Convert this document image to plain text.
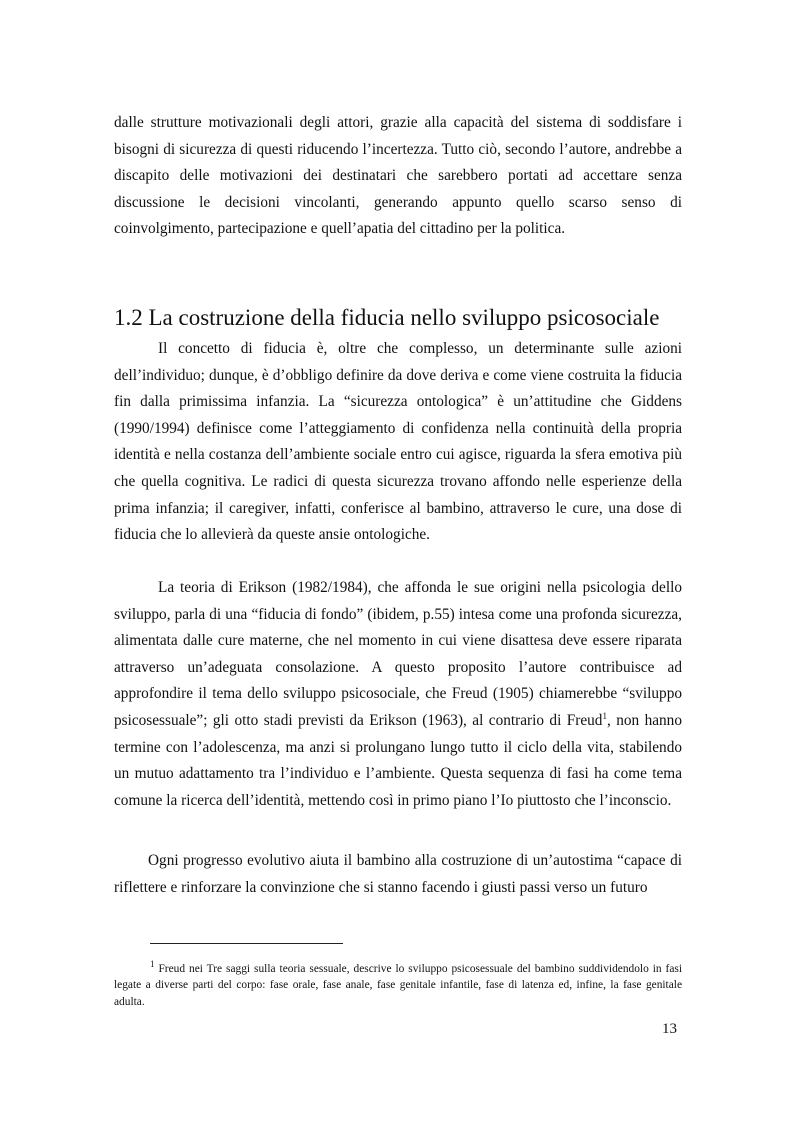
dalle strutture motivazionali degli attori, grazie alla capacità del sistema di soddisfare i bisogni di sicurezza di questi riducendo l’incertezza. Tutto ciò, secondo l’autore, andrebbe a discapito delle motivazioni dei destinatari che sarebbero portati ad accettare senza discussione le decisioni vincolanti, generando appunto quello scarso senso di coinvolgimento, partecipazione e quell’apatia del cittadino per la politica.

1.2 La costruzione della fiducia nello sviluppo psicosociale

Il concetto di fiducia è, oltre che complesso, un determinante sulle azioni dell’individuo; dunque, è d’obbligo definire da dove deriva e come viene costruita la fiducia fin dalla primissima infanzia. La “sicurezza ontologica” è un’attitudine che Giddens (1990/1994) definisce come l’atteggiamento di confidenza nella continuità della propria identità e nella costanza dell’ambiente sociale entro cui agisce, riguarda la sfera emotiva più che quella cognitiva. Le radici di questa sicurezza trovano affondo nelle esperienze della prima infanzia; il caregiver, infatti, conferisce al bambino, attraverso le cure, una dose di fiducia che lo allevierà da queste ansie ontologiche.

La teoria di Erikson (1982/1984), che affonda le sue origini nella psicologia dello sviluppo, parla di una “fiducia di fondo” (ibidem, p.55) intesa come una profonda sicurezza, alimentata dalle cure materne, che nel momento in cui viene disattesa deve essere riparata attraverso un’adeguata consolazione. A questo proposito l’autore contribuisce ad approfondire il tema dello sviluppo psicosociale, che Freud (1905) chiamerebbe “sviluppo psicosessuale”; gli otto stadi previsti da Erikson (1963), al contrario di Freud$^1$, non hanno termine con l’adolescenza, ma anzi si prolungano lungo tutto il ciclo della vita, stabilendo un mutuo adattamento tra l’individuo e l’ambiente. Questa sequenza di fasi ha come tema comune la ricerca dell’identità, mettendo così in primo piano l’Io piuttosto che l’inconscio.

Ogni progresso evolutivo aiuta il bambino alla costruzione di un’autostima “capace di riflettere e rinforzare la convinzione che si stanno facendo i giusti passi verso un futuro

$^1$ Freud nei Tre saggi sulla teoria sessuale, descrive lo sviluppo psicosessuale del bambino suddividendolo in fasi legate a diverse parti del corpo: fase orale, fase anale, fase genitale infantile, fase di latenza ed, infine, la fase genitale adulta.

13
